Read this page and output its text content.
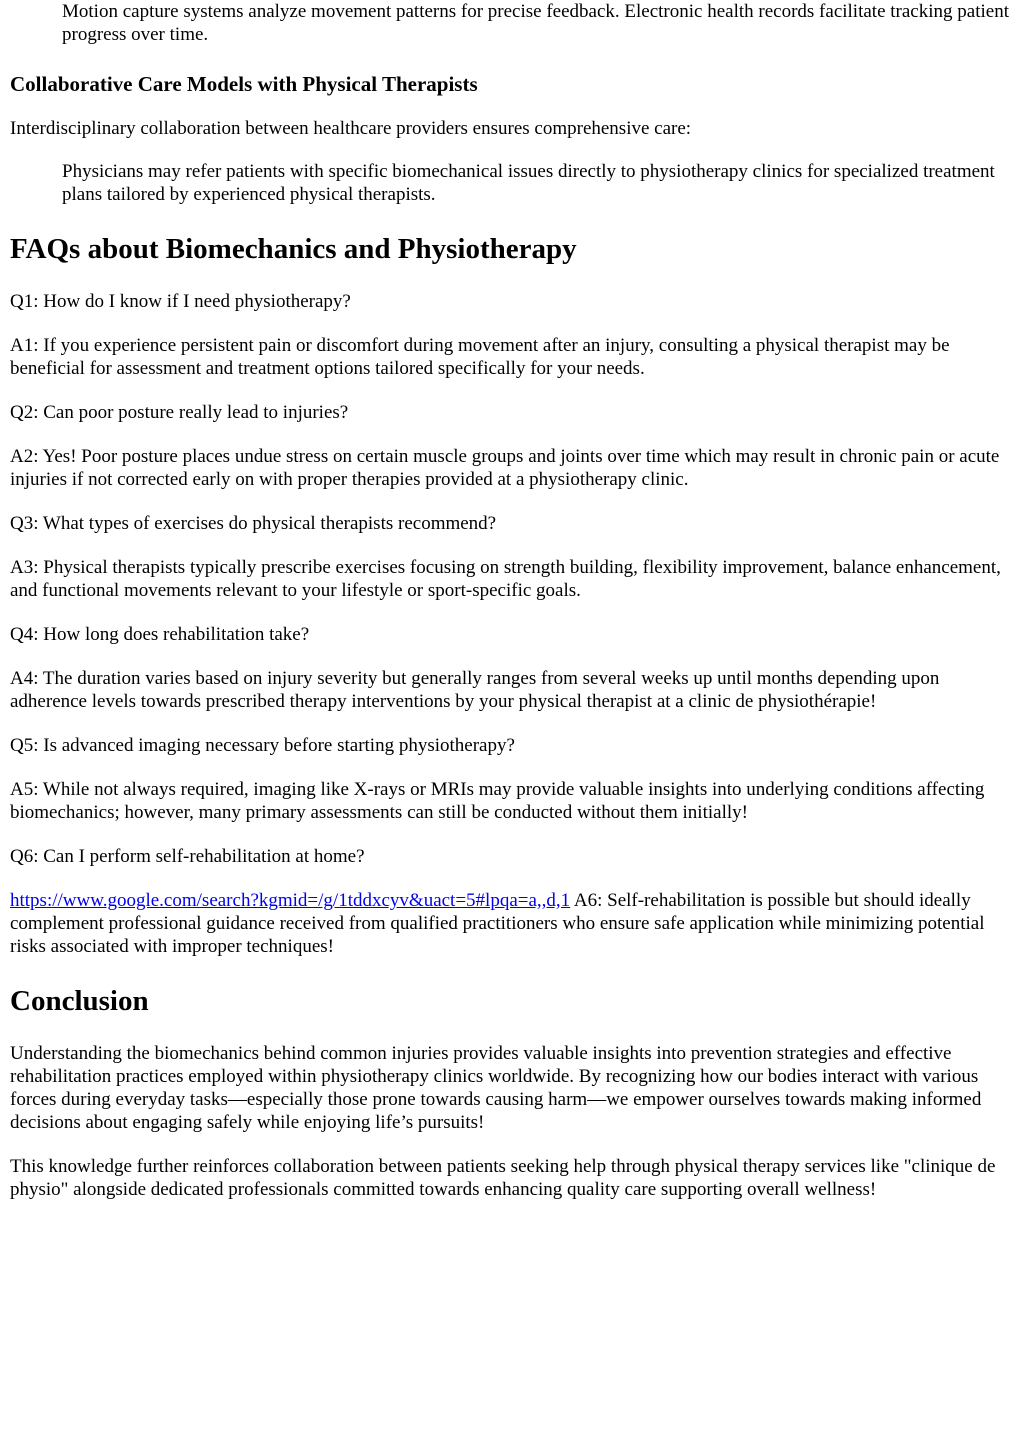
Motion capture systems analyze movement patterns for precise feedback. Electronic health records facilitate tracking patient progress over time.

Collaborative Care Models with Physical Therapists

Interdisciplinary collaboration between healthcare providers ensures comprehensive care:

Physicians may refer patients with specific biomechanical issues directly to physiotherapy clinics for specialized treatment plans tailored by experienced physical therapists.

FAQs about Biomechanics and Physiotherapy

Q1: How do I know if I need physiotherapy?

A1: If you experience persistent pain or discomfort during movement after an injury, consulting a physical therapist may be beneficial for assessment and treatment options tailored specifically for your needs.

Q2: Can poor posture really lead to injuries?

A2: Yes! Poor posture places undue stress on certain muscle groups and joints over time which may result in chronic pain or acute injuries if not corrected early on with proper therapies provided at a physiotherapy clinic.

Q3: What types of exercises do physical therapists recommend?

A3: Physical therapists typically prescribe exercises focusing on strength building, flexibility improvement, balance enhancement, and functional movements relevant to your lifestyle or sport-specific goals.

Q4: How long does rehabilitation take?

A4: The duration varies based on injury severity but generally ranges from several weeks up until months depending upon adherence levels towards prescribed therapy interventions by your physical therapist at a clinic de physiothérapie!

Q5: Is advanced imaging necessary before starting physiotherapy?

A5: While not always required, imaging like X-rays or MRIs may provide valuable insights into underlying conditions affecting biomechanics; however, many primary assessments can still be conducted without them initially!

Q6: Can I perform self-rehabilitation at home?

https://www.google.com/search?kgmid=/g/1tddxcyv&uact=5#lpqa=a,,d,1 A6: Self-rehabilitation is possible but should ideally complement professional guidance received from qualified practitioners who ensure safe application while minimizing potential risks associated with improper techniques!

Conclusion

Understanding the biomechanics behind common injuries provides valuable insights into prevention strategies and effective rehabilitation practices employed within physiotherapy clinics worldwide. By recognizing how our bodies interact with various forces during everyday tasks—especially those prone towards causing harm—we empower ourselves towards making informed decisions about engaging safely while enjoying life’s pursuits!

This knowledge further reinforces collaboration between patients seeking help through physical therapy services like "clinique de physio" alongside dedicated professionals committed towards enhancing quality care supporting overall wellness!
